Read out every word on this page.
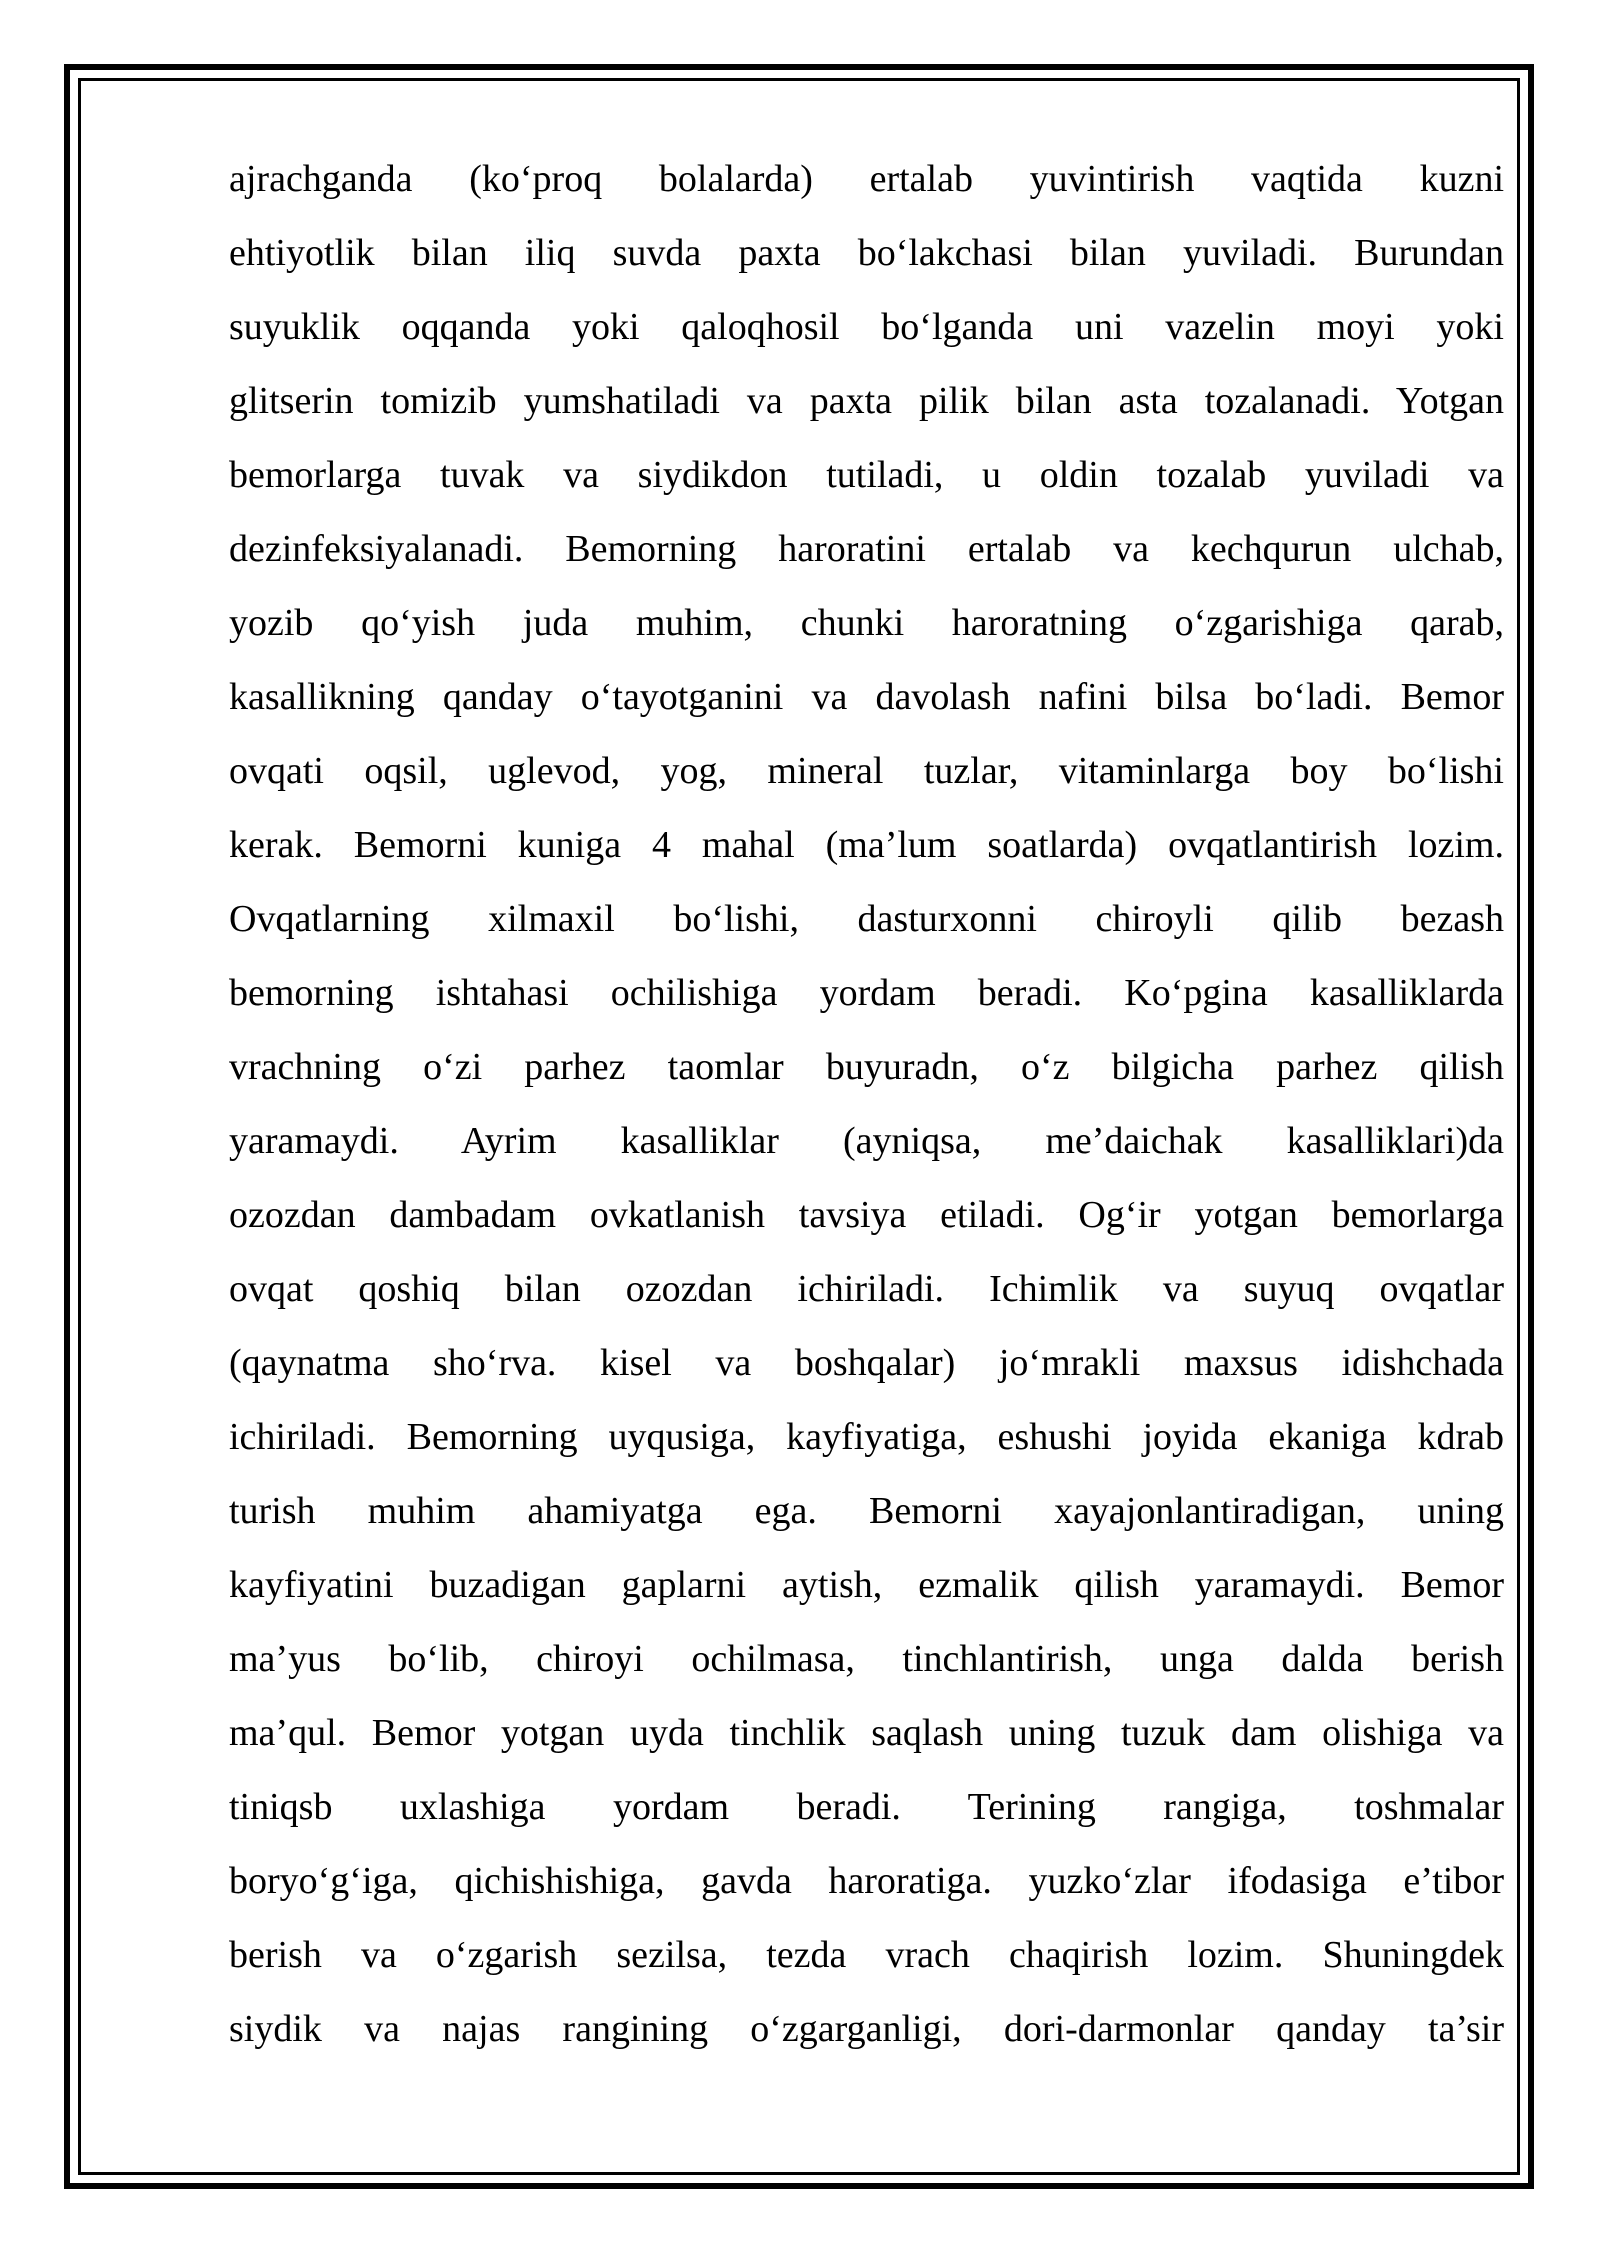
ajrachganda (ko‘proq bolalarda) ertalab yuvintirish vaqtida kuzni
ehtiyotlik bilan iliq suvda paxta bo‘lakchasi bilan yuviladi. Burundan
suyuklik oqqanda yoki qaloqhosil bo‘lganda uni vazelin moyi yoki
glitserin tomizib yumshatiladi va paxta pilik bilan asta tozalanadi. Yotgan
bemorlarga tuvak va siydikdon tutiladi, u oldin tozalab yuviladi va
dezinfeksiyalanadi. Bemorning haroratini ertalab va kechqurun ulchab,
yozib qo‘yish juda muhim, chunki haroratning o‘zgarishiga qarab,
kasallikning qanday o‘tayotganini va davolash nafini bilsa bo‘ladi. Bemor
ovqati oqsil, uglevod, yog, mineral tuzlar, vitaminlarga boy bo‘lishi
kerak. Bemorni kuniga 4 mahal (ma’lum soatlarda) ovqatlantirish lozim.
Ovqatlarning xilmaxil bo‘lishi, dasturxonni chiroyli qilib bezash
bemorning ishtahasi ochilishiga yordam beradi. Ko‘pgina kasalliklarda
vrachning o‘zi parhez taomlar buyuradn, o‘z bilgicha parhez qilish
yaramaydi. Ayrim kasalliklar (ayniqsa, me’daichak kasalliklari)da
ozozdan dambadam ovkatlanish tavsiya etiladi. Og‘ir yotgan bemorlarga
ovqat qoshiq bilan ozozdan ichiriladi. Ichimlik va suyuq ovqatlar
(qaynatma sho‘rva. kisel va boshqalar) jo‘mrakli maxsus idishchada
ichiriladi. Bemorning uyqusiga, kayfiyatiga, eshushi joyida ekaniga kdrab
turish muhim ahamiyatga ega. Bemorni xayajonlantiradigan, uning
kayfiyatini buzadigan gaplarni aytish, ezmalik qilish yaramaydi. Bemor
ma’yus bo‘lib, chiroyi ochilmasa, tinchlantirish, unga dalda berish
ma’qul. Bemor yotgan uyda tinchlik saqlash uning tuzuk dam olishiga va
tiniqsb uxlashiga yordam beradi. Terining rangiga, toshmalar
boryo‘g‘iga, qichishishiga, gavda haroratiga. yuzko‘zlar ifodasiga e’tibor
berish va o‘zgarish sezilsa, tezda vrach chaqirish lozim. Shuningdek
siydik va najas rangining o‘zgarganligi, dori-darmonlar qanday ta’sir
